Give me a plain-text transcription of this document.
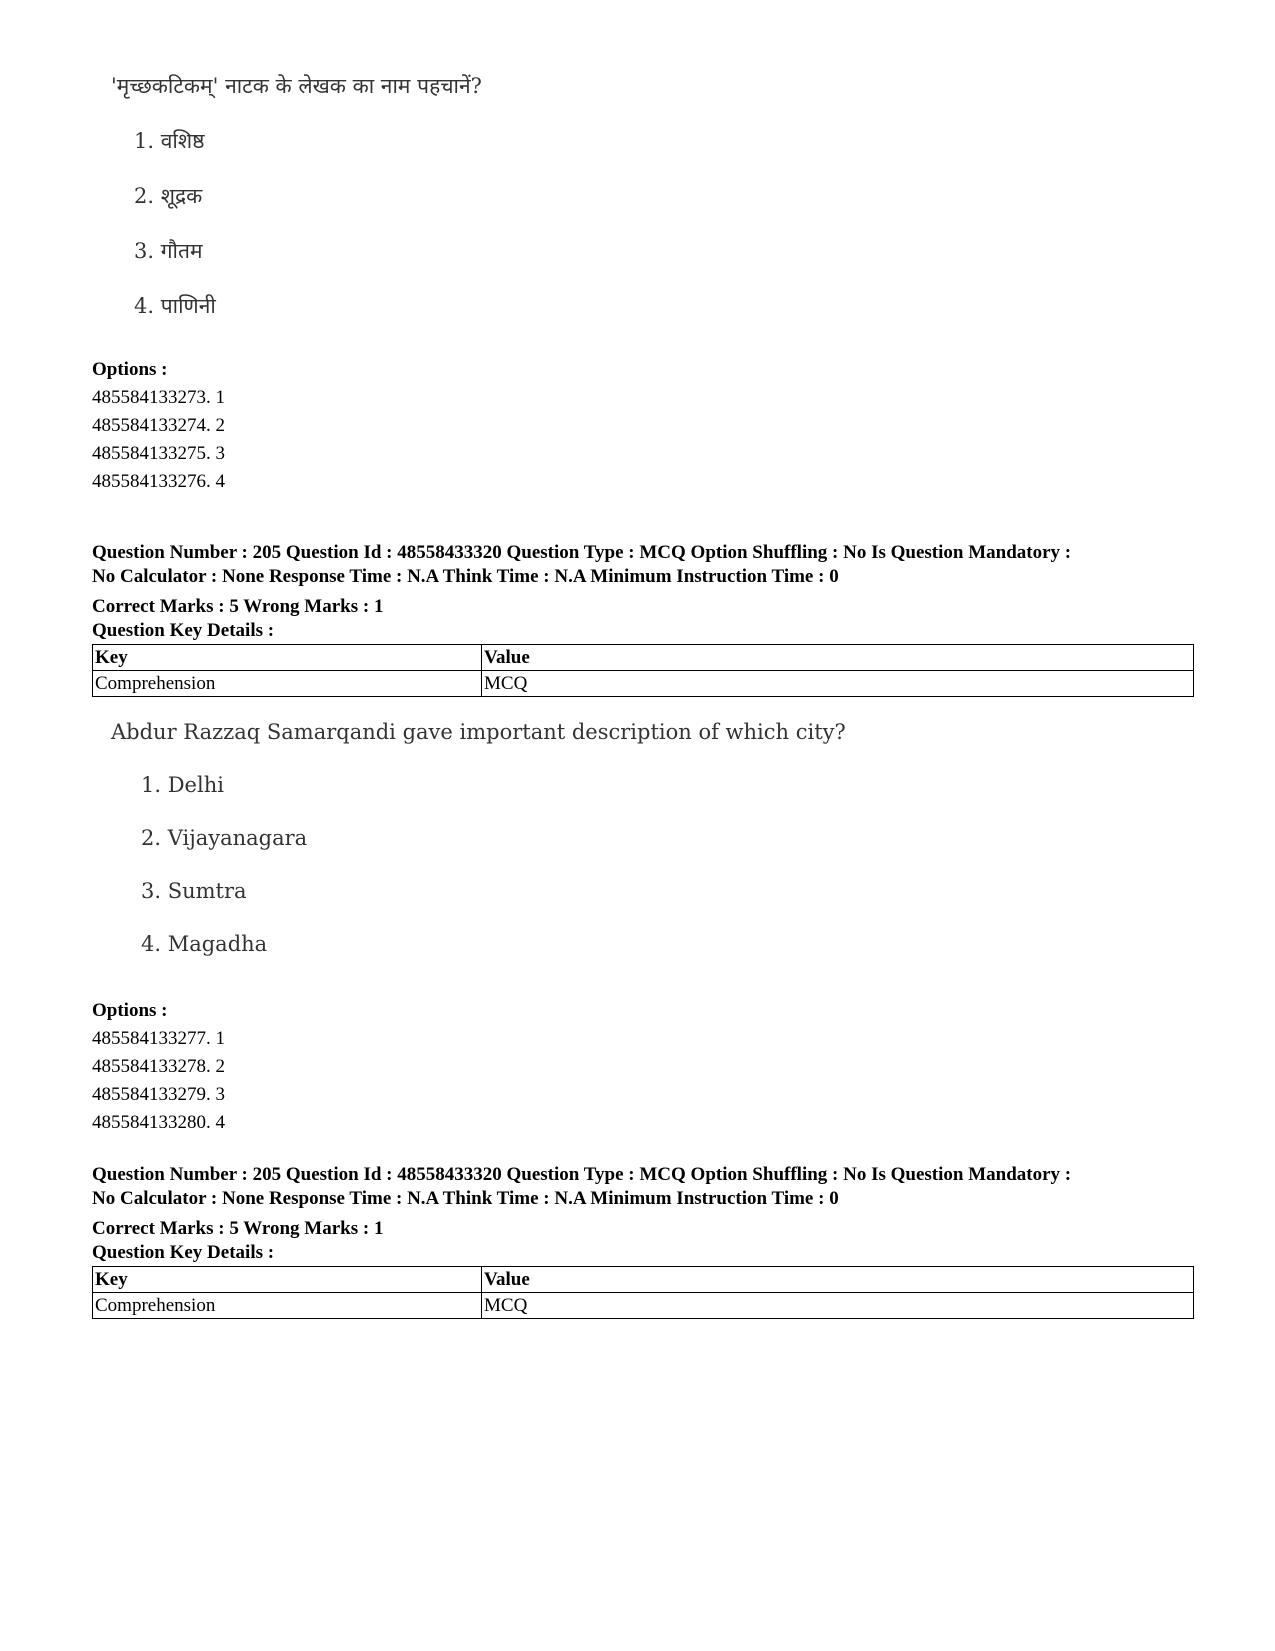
'मृच्छकटिकम्' नाटक के लेखक का नाम पहचानें?

1. वशिष्ठ

2. शूद्रक

3. गौतम

4. पाणिनी

Options :

485584133273. 1

485584133274. 2

485584133275. 3

485584133276. 4

Question Number : 205 Question Id : 48558433320 Question Type : MCQ Option Shuffling : No Is Question Mandatory :

No Calculator : None Response Time : N.A Think Time : N.A Minimum Instruction Time : 0

Correct Marks : 5 Wrong Marks : 1

Question Key Details :

Key	Value
Comprehension	MCQ

Abdur Razzaq Samarqandi gave important description of which city?

1. Delhi

2. Vijayanagara

3. Sumtra

4. Magadha

Options :

485584133277. 1

485584133278. 2

485584133279. 3

485584133280. 4

Question Number : 205 Question Id : 48558433320 Question Type : MCQ Option Shuffling : No Is Question Mandatory :

No Calculator : None Response Time : N.A Think Time : N.A Minimum Instruction Time : 0

Correct Marks : 5 Wrong Marks : 1

Question Key Details :

Key	Value
Comprehension	MCQ
